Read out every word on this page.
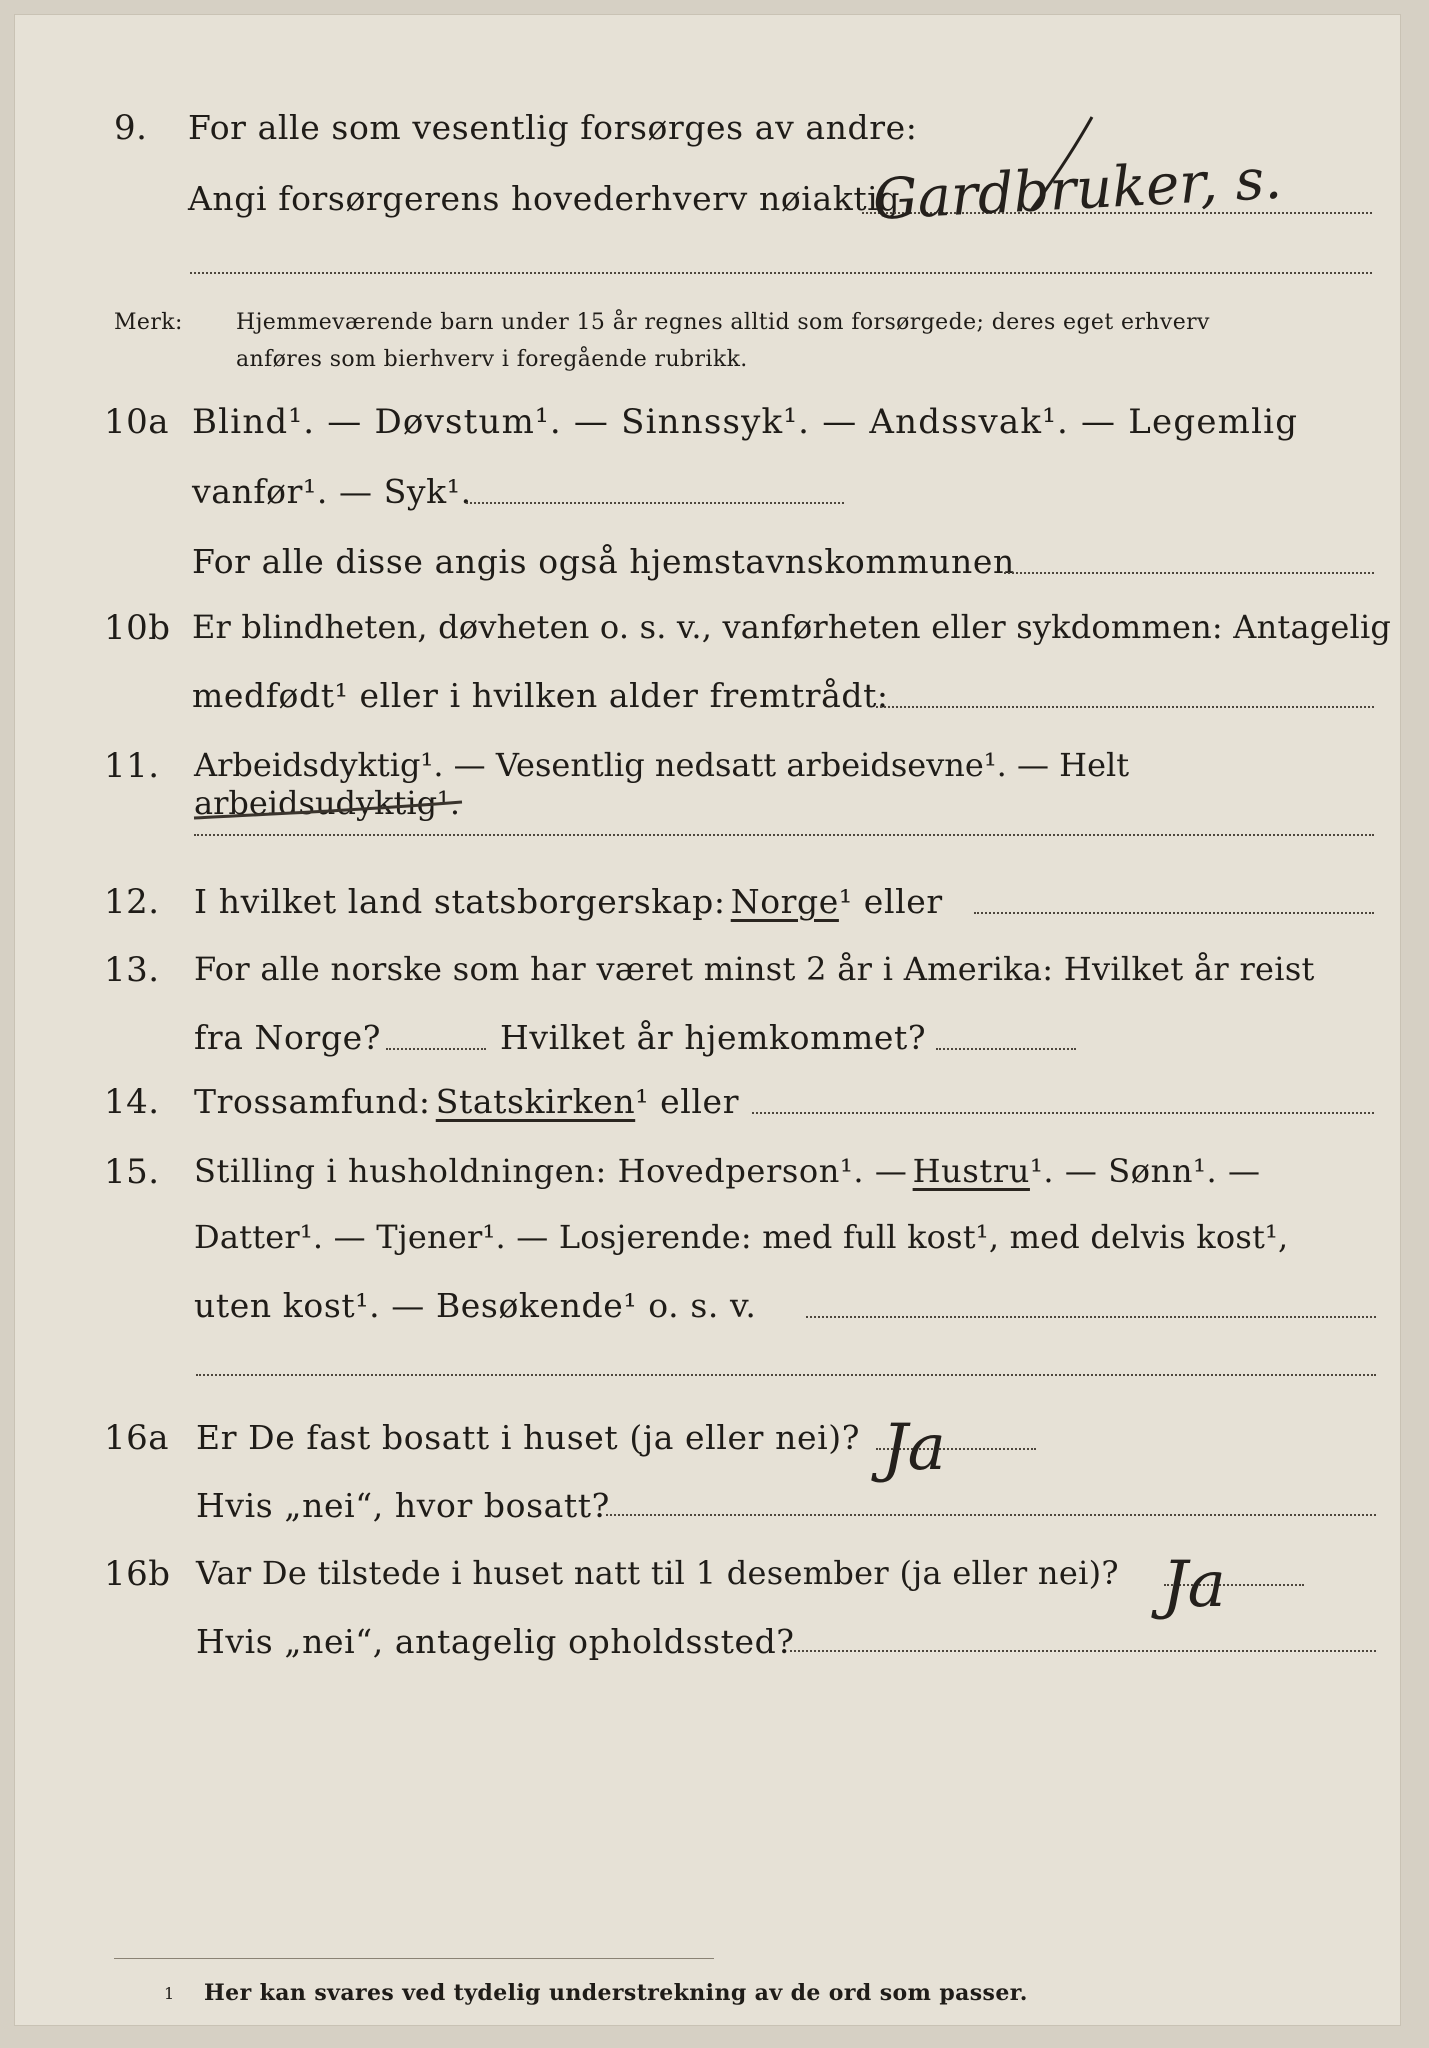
9. For alle som vesentlig forsørges av andre:
Angi forsørgerens hovederhverv nøiaktig
Gardbruker, s.
Merk: Hjemmeværende barn under 15 år regnes alltid som forsørgede; deres eget erhverv
anføres som bierhverv i foregående rubrikk.
10a Blind¹. — Døvstum¹. — Sinnssyk¹. — Andssvak¹. — Legemlig
vanfør¹. — Syk¹.
For alle disse angis også hjemstavnskommunen
10b Er blindheten, døvheten o. s. v., vanførheten eller sykdommen: Antagelig
medfødt¹ eller i hvilken alder fremtrådt:
11. Arbeidsdyktig¹. — Vesentlig nedsatt arbeidsevne¹. — Helt arbeidsudyktig¹.
12. I hvilket land statsborgerskap: Norge¹ eller
13. For alle norske som har været minst 2 år i Amerika: Hvilket år reist
fra Norge?	Hvilket år hjemkommet?
14. Trossamfund: Statskirken¹ eller
15. Stilling i husholdningen: Hovedperson¹. — Hustru¹. — Sønn¹. —
Datter¹. — Tjener¹. — Losjerende: med full kost¹, med delvis kost¹,
uten kost¹. — Besøkende¹ o. s. v.
16a Er De fast bosatt i huset (ja eller nei)? Ja
Hvis „nei“, hvor bosatt?
16b Var De tilstede i huset natt til 1 desember (ja eller nei)? Ja
Hvis „nei“, antagelig opholdssted?
1 Her kan svares ved tydelig understrekning av de ord som passer.
